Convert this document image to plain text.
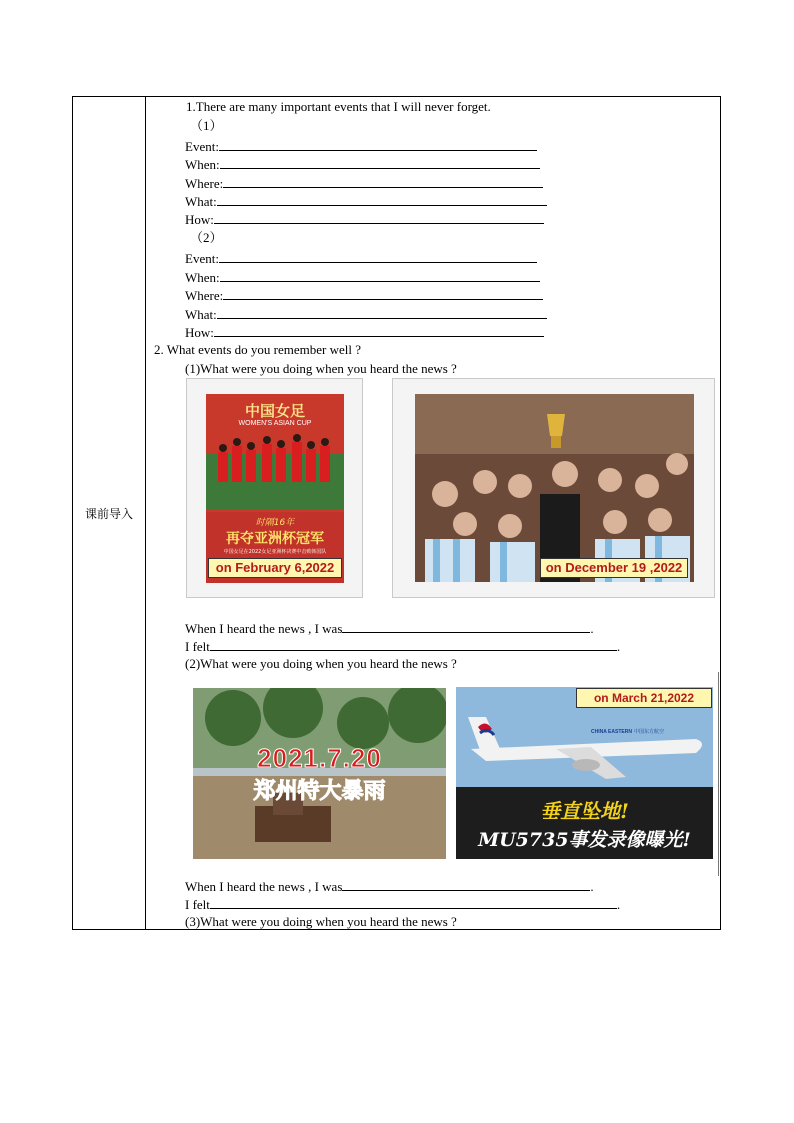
课前导入
1.There are many important events that I will never forget.
（1）
Event:
When:
Where:
What:
How:
（2）
Event:
When:
Where:
What:
How:
2. What events do you remember well ?
(1)What were you doing when you heard the news ?
中国女足
WOMEN'S ASIAN CUP
时隔16年
再夺亚洲杯冠军
中国女足在2022女足亚洲杯决赛中击败韩国队
on February 6,2022	on December 19 ,2022
When I heard the news , I was	.
I felt	.
(2)What were you doing when you heard the news ?
2021.7.20
郑州特大暴雨
on March 21,2022
CHINA EASTERN 中国东方航空
垂直坠地!
MU5735事发录像曝光!
When I heard the news , I was	.
I felt	.
(3)What were you doing when you heard the news ?
